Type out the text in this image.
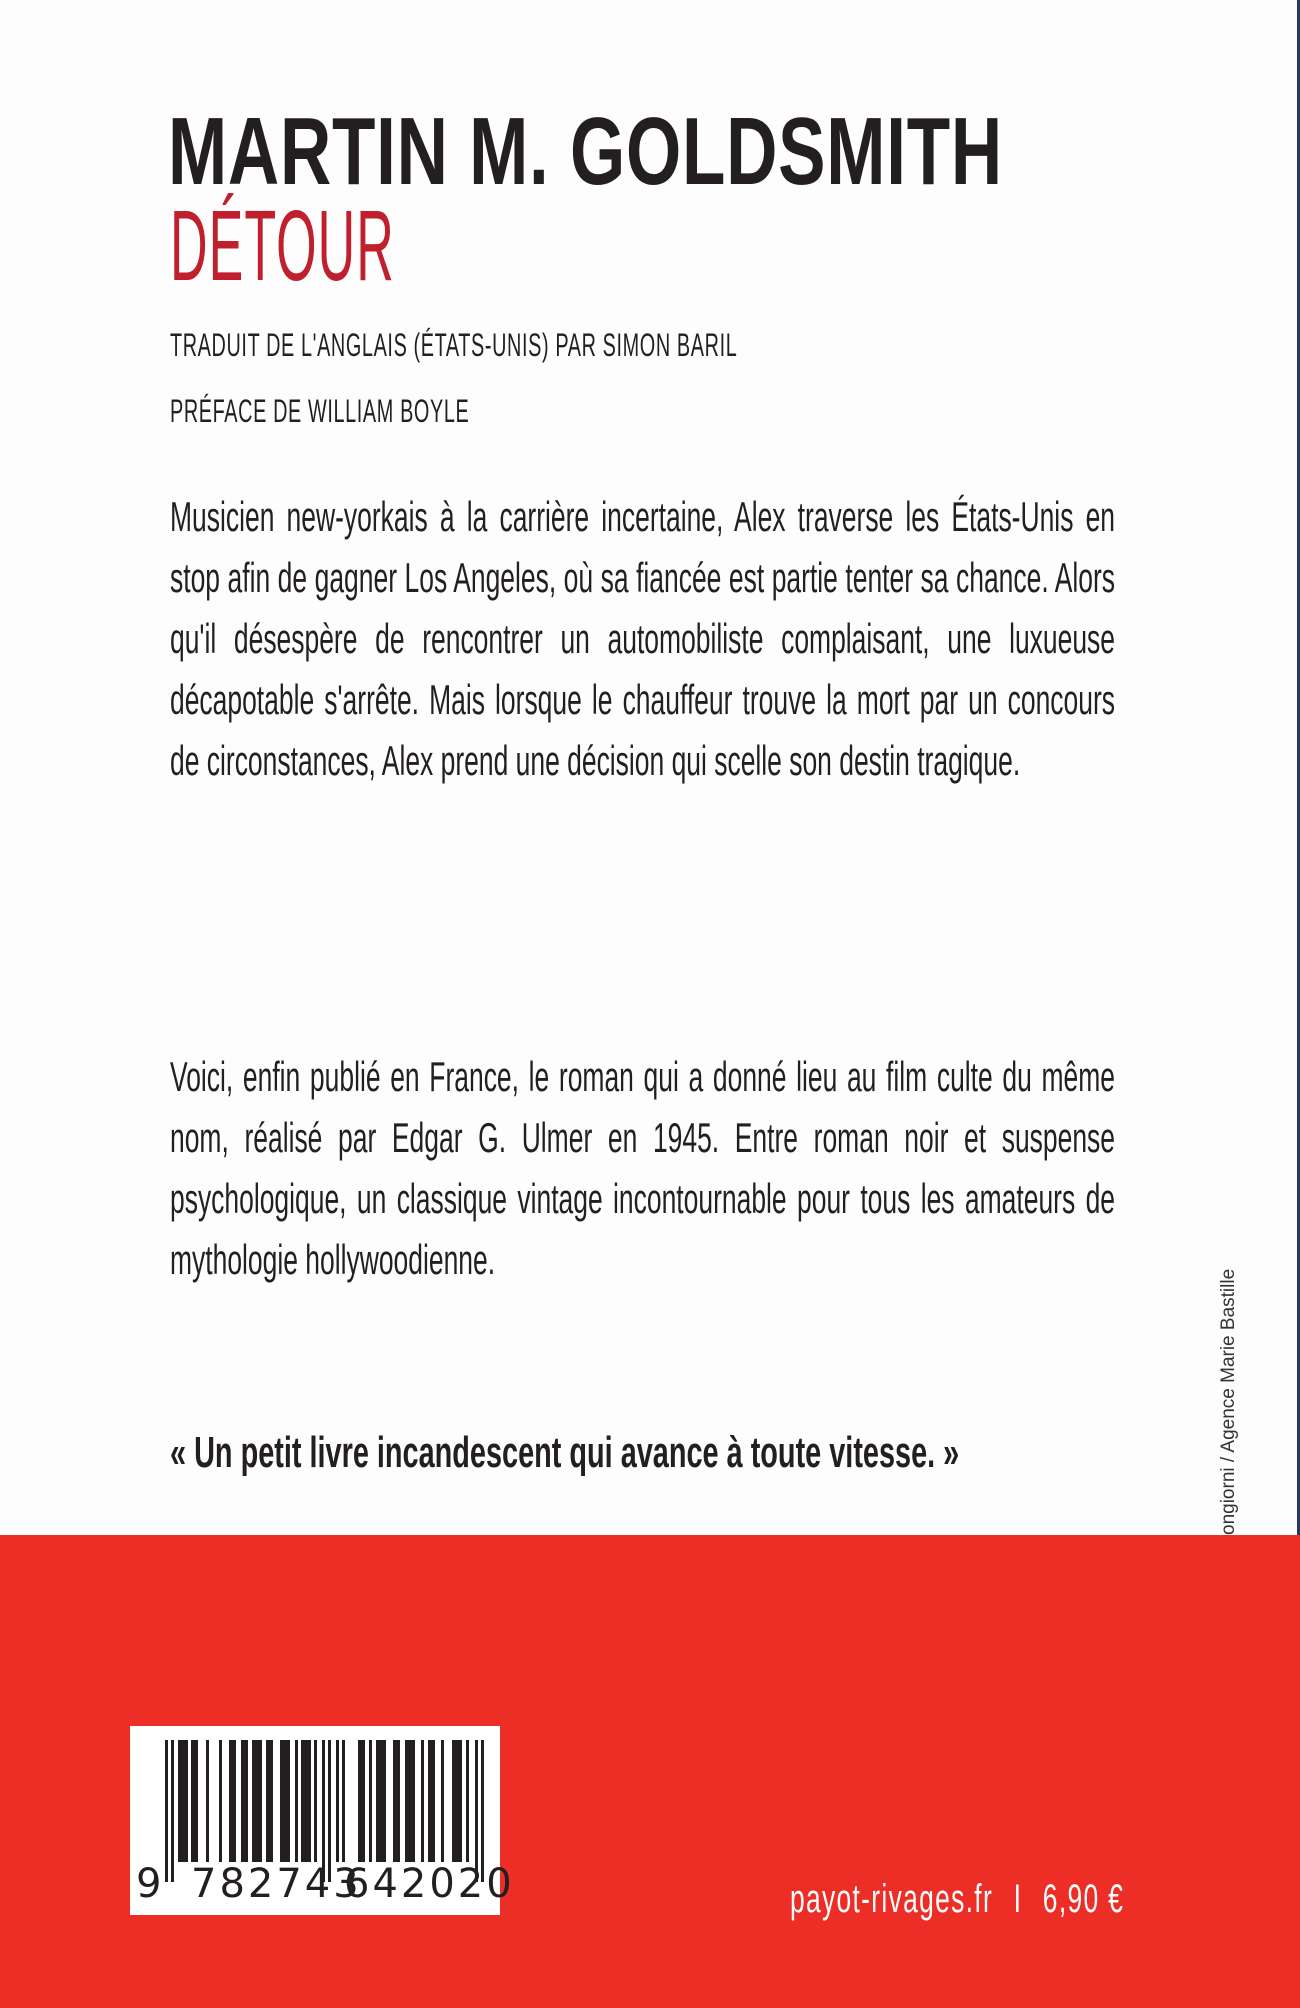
MARTIN M. GOLDSMITH
DÉTOUR
TRADUIT DE L'ANGLAIS (ÉTATS-UNIS) PAR SIMON BARIL
PRÉFACE DE WILLIAM BOYLE
Musicien new-yorkais à la carrière incertaine, Alex traverse les États-Unis en stop afin de gagner Los Angeles, où sa fiancée est partie tenter sa chance. Alors qu'il désespère de rencontrer un automobiliste complaisant, une luxueuse décapotable s'arrête. Mais lorsque le chauffeur trouve la mort par un concours de circonstances, Alex prend une décision qui scelle son destin tragique.
Voici, enfin publié en France, le roman qui a donné lieu au film culte du même nom, réalisé par Edgar G. Ulmer en 1945. Entre roman noir et suspense psychologique, un classique vintage incontournable pour tous les amateurs de mythologie hollywoodienne.
« Un petit livre incandescent qui avance à toute vitesse. »	ongiorni / Agence Marie Bastille
9 782743
642020	payot-rivages.fr I 6,90 €
